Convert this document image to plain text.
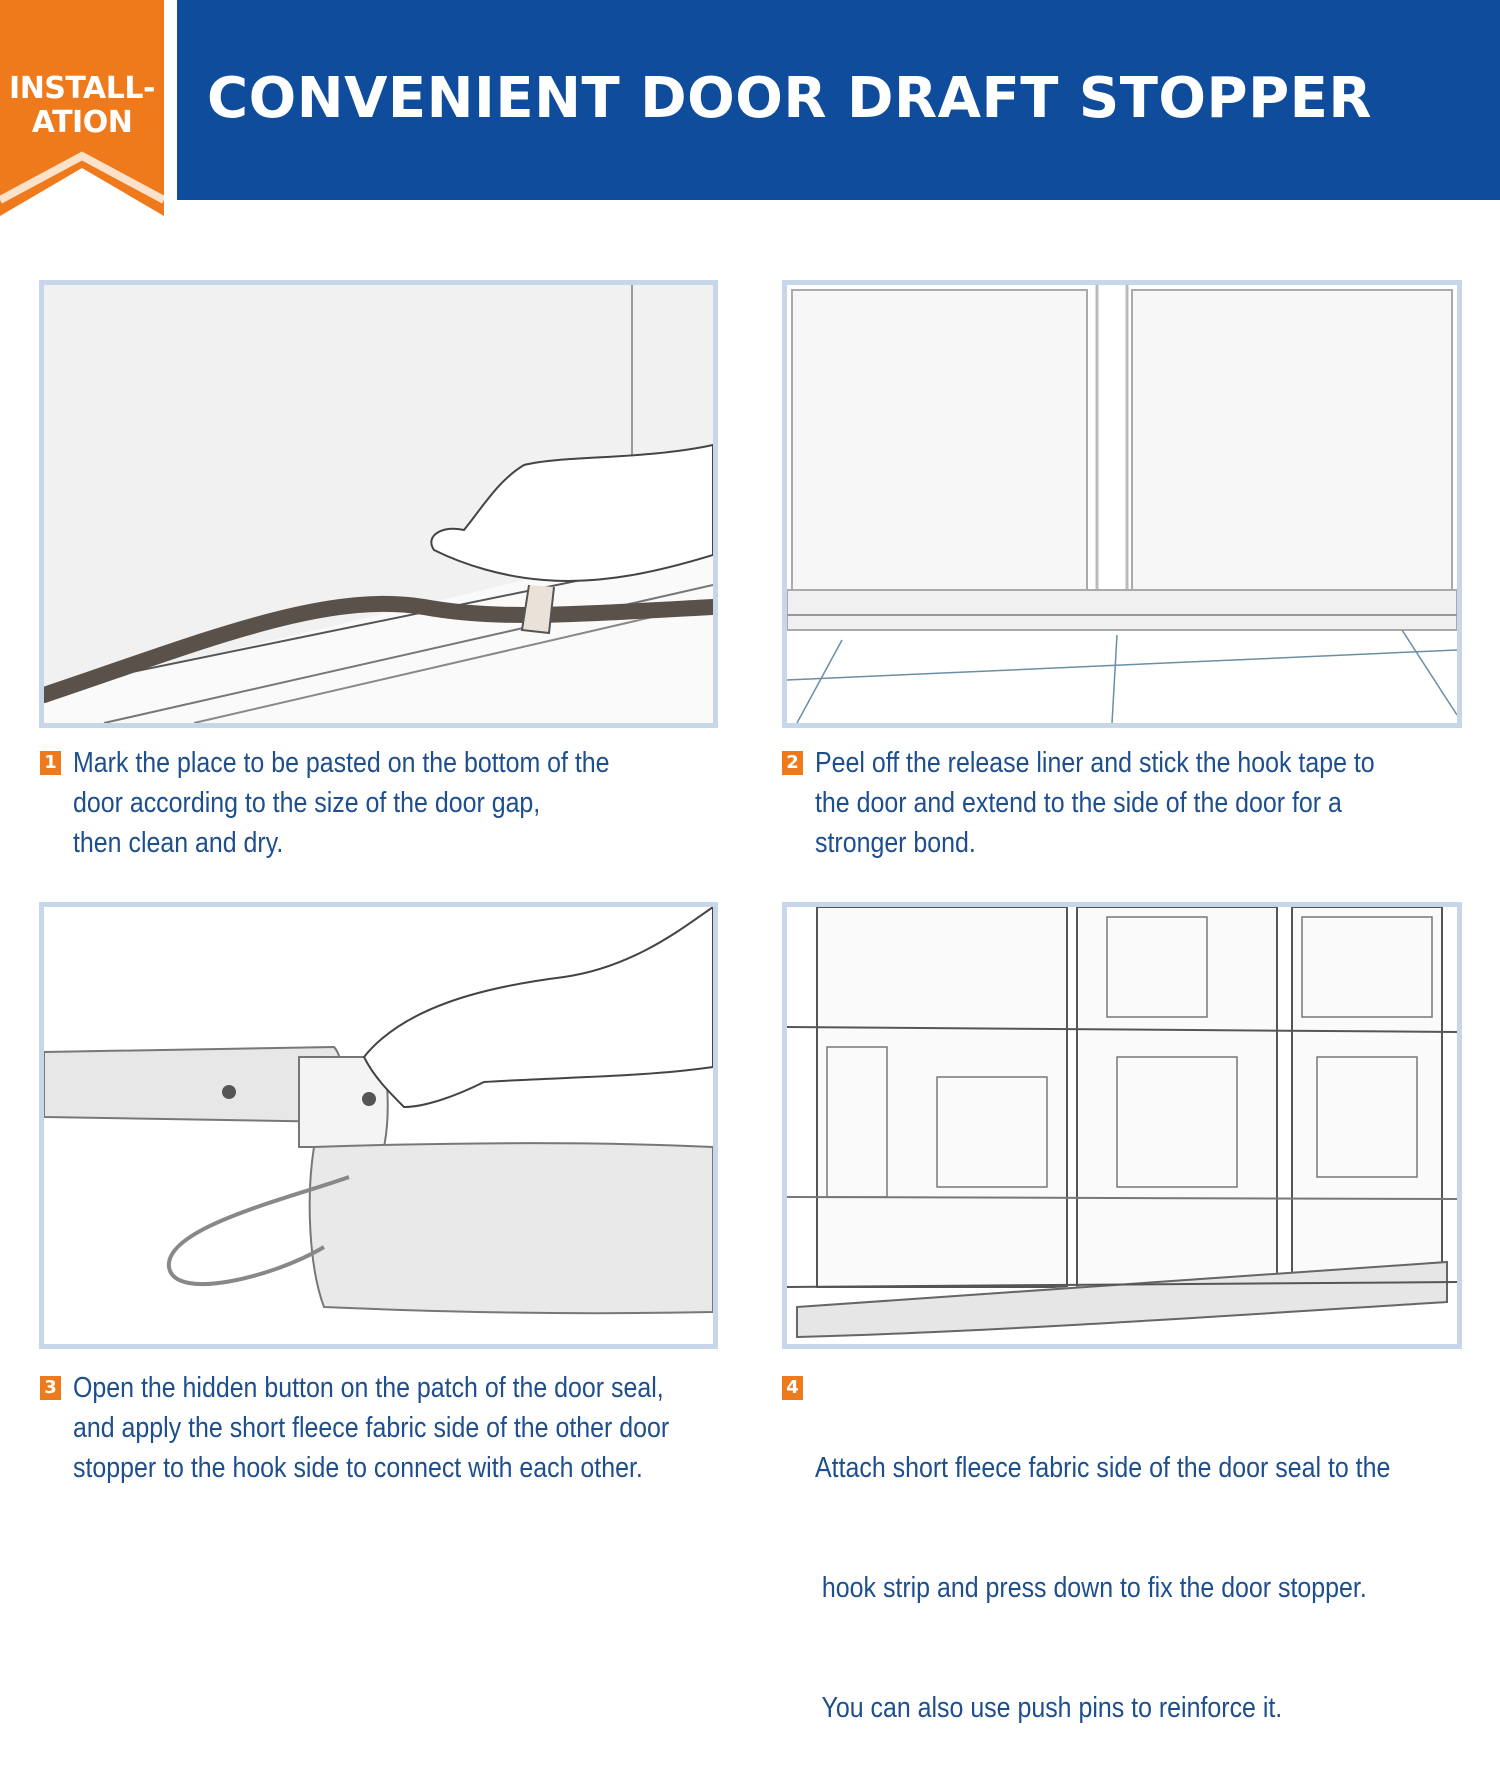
INSTALL-
ATION	CONVENIENT DOOR DRAFT STOPPER
1 Mark the place to be pasted on the bottom of the
door according to the size of the door gap,
then clean and dry.
2 Peel off the release liner and stick the hook tape to
the door and extend to the side of the door for a
stronger bond.
3 Open the hidden button on the patch of the door seal,
and apply the short fleece fabric side of the other door
stopper to the hook side to connect with each other.
4

Attach short fleece fabric side of the door seal to the

hook strip and press down to fix the door stopper.

You can also use push pins to reinforce it.
